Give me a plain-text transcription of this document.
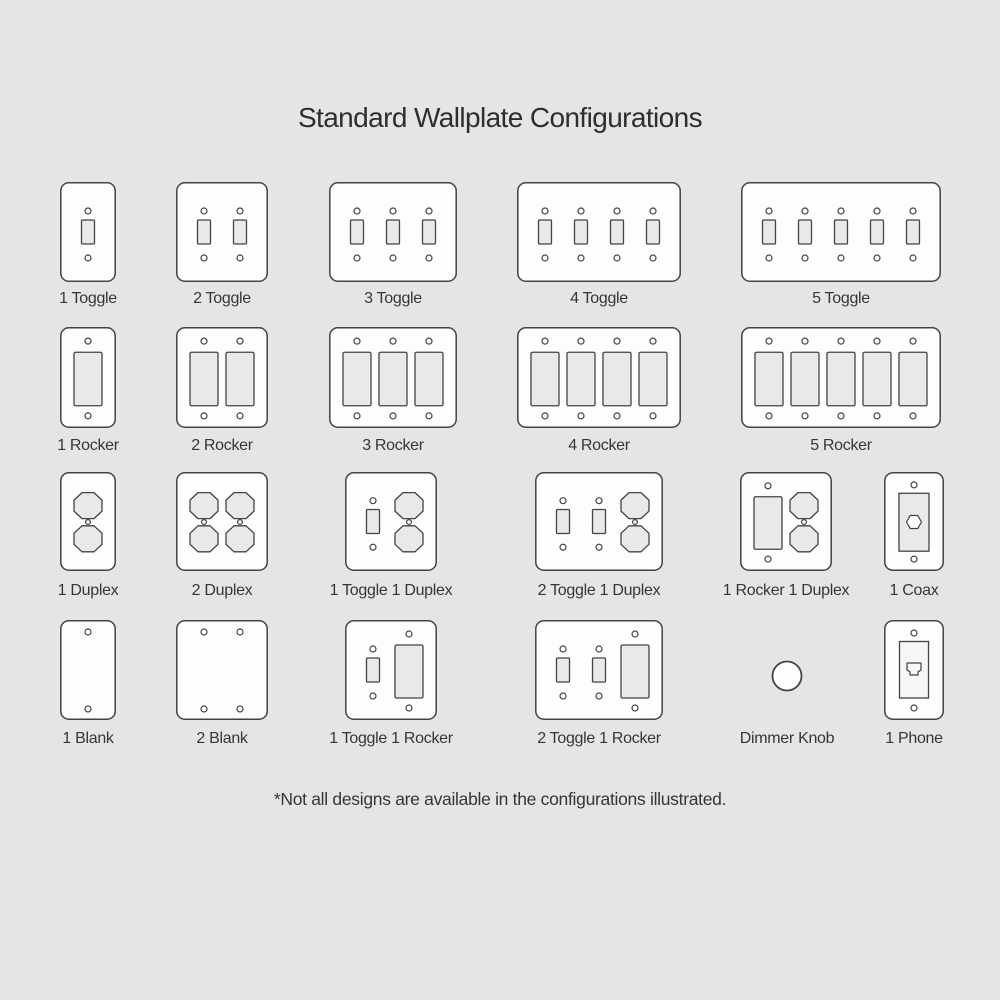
Standard Wallplate Configurations
1 Toggle	2 Toggle	3 Toggle	4 Toggle	5 Toggle
1 Rocker	2 Rocker	3 Rocker	4 Rocker	5 Rocker
1 Duplex	2 Duplex	1 Toggle 1 Duplex	2 Toggle 1 Duplex	1 Rocker 1 Duplex	1 Coax
1 Blank	2 Blank	1 Toggle 1 Rocker	2 Toggle 1 Rocker	Dimmer Knob	1 Phone
*Not all designs are available in the configurations illustrated.
